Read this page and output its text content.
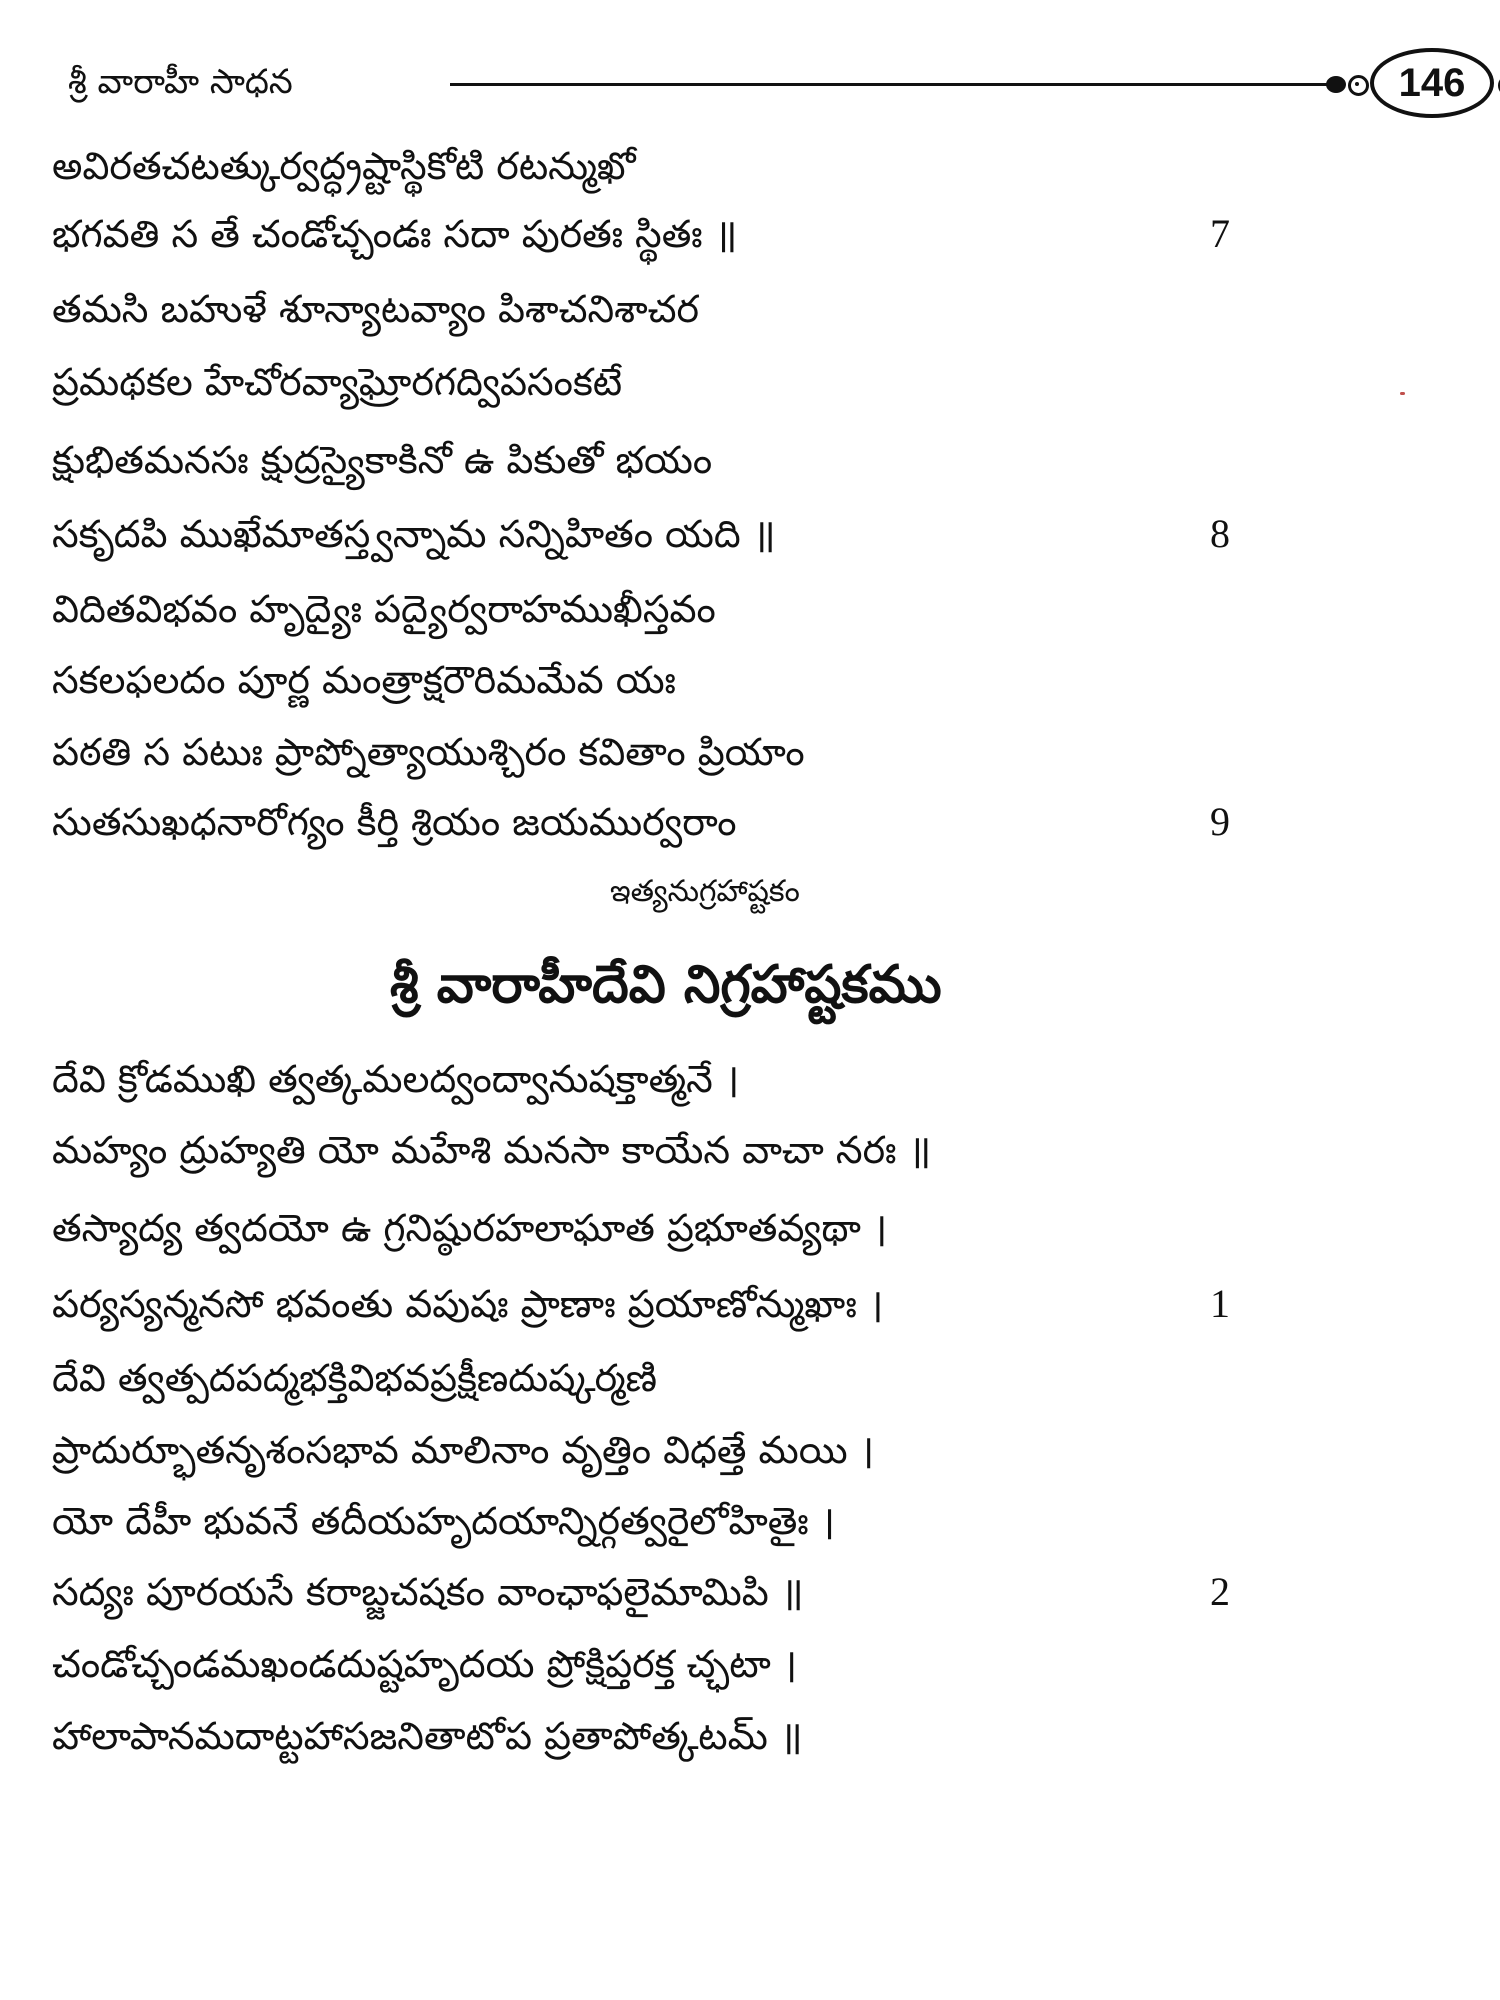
శ్రీ వారాహీ సాధన	146
అవిరతచటత్కుర్వద్ధ్రష్టాస్థికోటి రటన్ముఖో
భగవతి స తే చండోచ్చండః సదా పురతః స్థితః ॥	7
తమసి బహుళే శూన్యాటవ్యాం పిశాచనిశాచర
ప్రమథకల హేచోరవ్యాఘ్రోరగద్విపసంకటే
క్షుభితమనసః క్షుద్రస్యైకాకినో ఉ పికుతో భయం
సకృదపి ముఖేమాతస్త్వన్నామ సన్నిహితం యది ॥	8
విదితవిభవం హృద్యైః పద్యైర్వరాహముఖీస్తవం
సకలఫలదం పూర్ణ మంత్రాక్షరౌరిమమేవ యః
పఠతి స పటుః ప్రాప్నోత్యాయుశ్చిరం కవితాం ప్రియాం
సుతసుఖధనారోగ్యం కీర్తి శ్రియం జయముర్వరాం	9
ఇత్యనుగ్రహాష్టకం
శ్రీ వారాహీదేవి నిగ్రహాష్టకము
దేవి క్రోడముఖి త్వత్కమలద్వంద్వానుషక్తాత్మనే ।
మహ్యం ద్రుహ్యతి యో మహేశి మనసా కాయేన వాచా నరః ॥
తస్యాద్య త్వదయో ఉ గ్రనిష్ఠురహలాఘాత ప్రభూతవ్యథా ।
పర్యస్యన్మనసో భవంతు వపుషః ప్రాణాః ప్రయాణోన్ముఖాః ।	1
దేవి త్వత్పదపద్మభక్తివిభవప్రక్షీణదుష్కర్మణి
ప్రాదుర్భూతనృశంసభావ మాలినాం వృత్తిం విధత్తే మయి ।
యో దేహీ భువనే తదీయహృదయాన్నిర్గత్వరైలోహితైః ।
సద్యః పూరయసే కరాబ్జచషకం వాంఛాఫలైమామిపి ॥	2
చండోచ్చండమఖండదుష్టహృదయ ప్రోక్షిప్తరక్త చ్ఛటా ।
హాలాపానమదాట్టహాసజనితాటోప ప్రతాపోత్కటమ్ ॥
